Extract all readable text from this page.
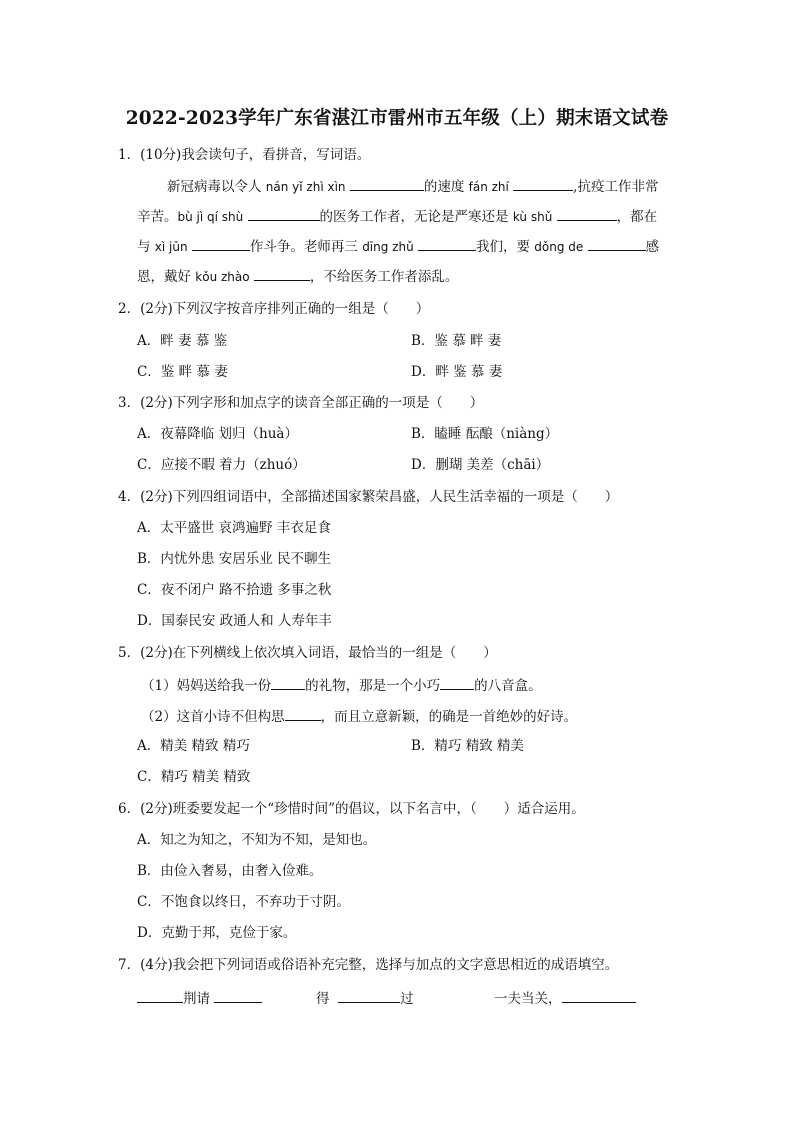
2022-2023学年广东省湛江市雷州市五年级（上）期末语文试卷
1．(10分)我会读句子，看拼音，写词语。
新冠病毒以令人 nán yǐ zhì xìn	的速度 fán zhí	,抗疫工作非常
辛苦。bù jì qí shù	的医务工作者，无论是严寒还是 kù shǔ	，都在
与 xì jūn	作斗争。老师再三 dīng zhǔ	我们，要 dǒng de	感
恩，戴好 kǒu zhào	，不给医务工作者添乱。
2．(2分)下列汉字按音序排列正确的一组是（　　）
A．畔 妻 慕 鉴	B．鉴 慕 畔 妻
C．鉴 畔 慕 妻	D．畔 鉴 慕 妻
3．(2分)下列字形和加点字的读音全部正确的一项是（　　）
A．夜幕降临 划归（huà）	B．瞌睡 酝酿（niàng）
C．应接不暇 着力（zhuó）	D．删瑚 美差（chāi）
4．(2分)下列四组词语中，全部描述国家繁荣昌盛，人民生活幸福的一项是（　　）
A．太平盛世 哀鸿遍野 丰衣足食
B．内忧外患 安居乐业 民不聊生
C．夜不闭户 路不拾遗 多事之秋
D．国泰民安 政通人和 人寿年丰
5．(2分)在下列横线上依次填入词语，最恰当的一组是（　　）
（1）妈妈送给我一份	的礼物，那是一个小巧	的八音盒。
（2）这首小诗不但构思	，而且立意新颖，的确是一首绝妙的好诗。
A．精美 精致 精巧	B．精巧 精致 精美
C．精巧 精美 精致
6．(2分)班委要发起一个“珍惜时间”的倡议，以下名言中，（　　）适合运用。
A．知之为知之，不知为不知，是知也。
B．由俭入奢易，由奢入俭难。
C．不饱食以终日，不弃功于寸阴。
D．克勤于邦，克俭于家。
7．(4分)我会把下列词语或俗语补充完整，选择与加点的文字意思相近的成语填空。
荆请	得	过	一夫当关，
